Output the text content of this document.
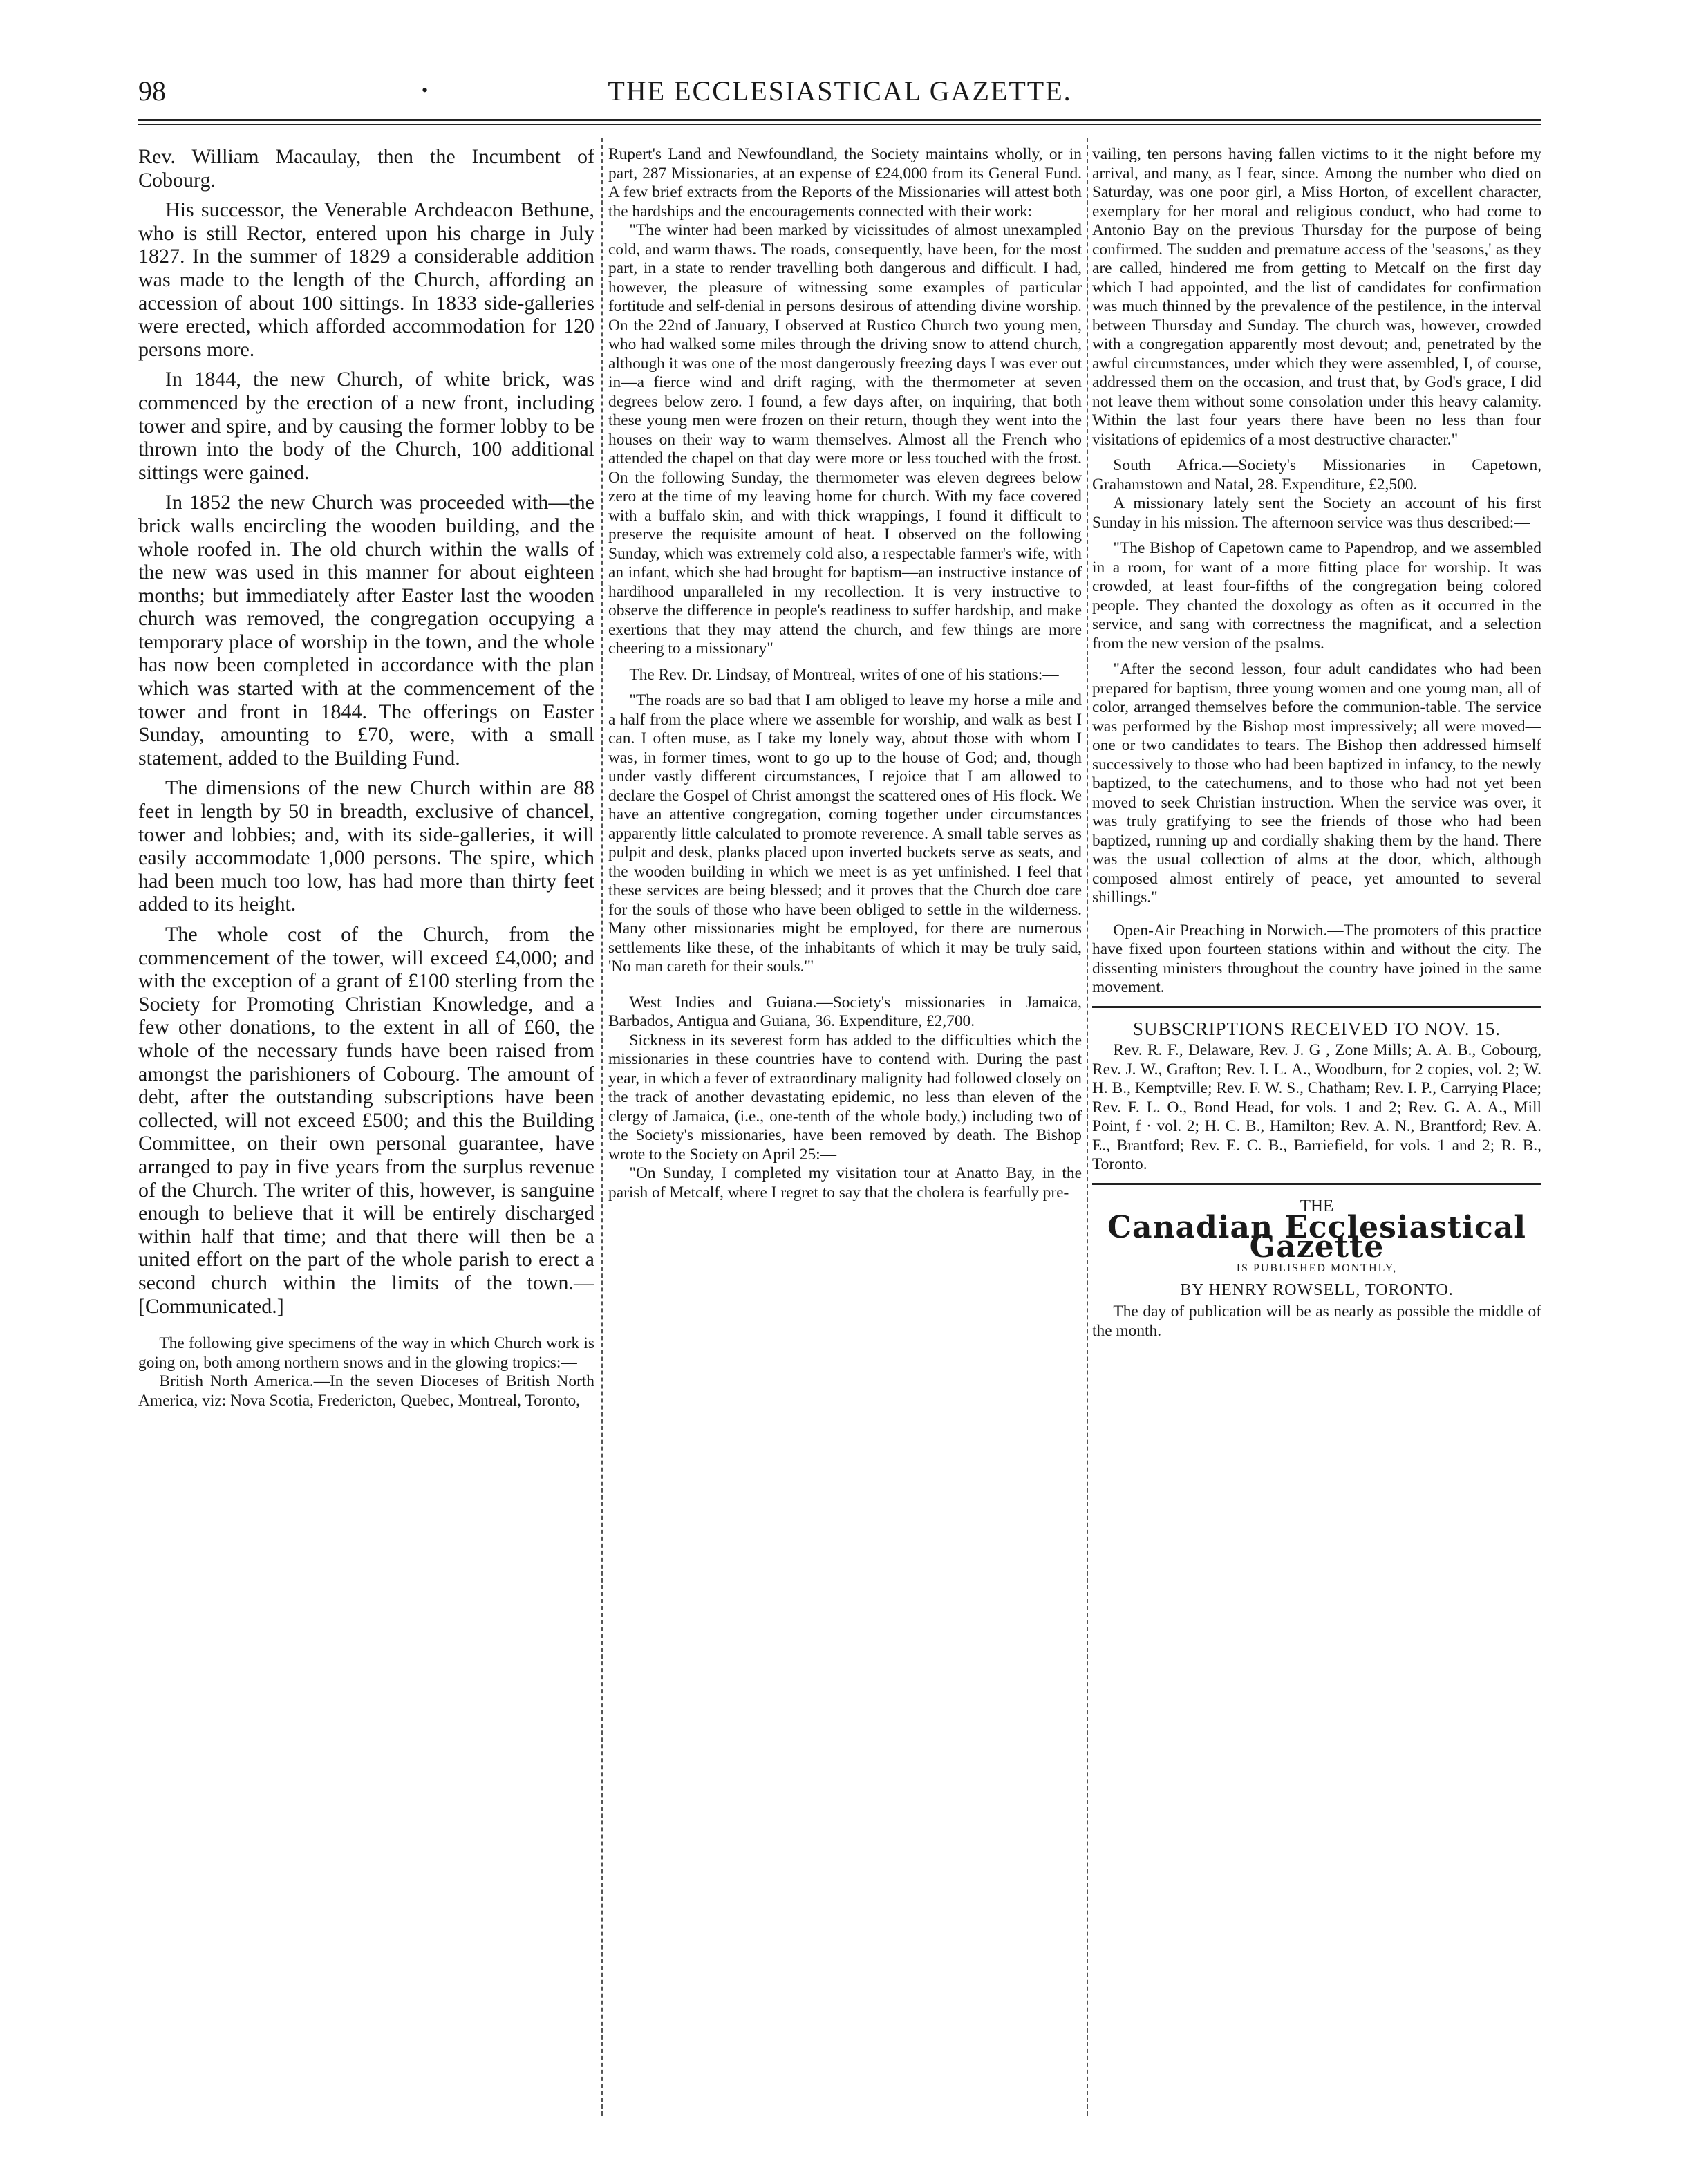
98	•	THE ECCLESIASTICAL GAZETTE.

Rev. William Macaulay, then the Incumbent of Cobourg.

His successor, the Venerable Archdeacon Bethune, who is still Rector, entered upon his charge in July 1827. In the summer of 1829 a considerable addition was made to the length of the Church, affording an accession of about 100 sittings. In 1833 side-galleries were erected, which afforded accommodation for 120 persons more.

In 1844, the new Church, of white brick, was commenced by the erection of a new front, including tower and spire, and by causing the former lobby to be thrown into the body of the Church, 100 additional sittings were gained.

In 1852 the new Church was proceeded with—the brick walls encircling the wooden building, and the whole roofed in. The old church within the walls of the new was used in this manner for about eighteen months; but immediately after Easter last the wooden church was removed, the congregation occupying a temporary place of worship in the town, and the whole has now been completed in accordance with the plan which was started with at the commencement of the tower and front in 1844. The offerings on Easter Sunday, amounting to £70, were, with a small statement, added to the Building Fund.

The dimensions of the new Church within are 88 feet in length by 50 in breadth, exclusive of chancel, tower and lobbies; and, with its side-galleries, it will easily accommodate 1,000 persons. The spire, which had been much too low, has had more than thirty feet added to its height.

The whole cost of the Church, from the commencement of the tower, will exceed £4,000; and with the exception of a grant of £100 sterling from the Society for Promoting Christian Knowledge, and a few other donations, to the extent in all of £60, the whole of the necessary funds have been raised from amongst the parishioners of Cobourg. The amount of debt, after the outstanding subscriptions have been collected, will not exceed £500; and this the Building Committee, on their own personal guarantee, have arranged to pay in five years from the surplus revenue of the Church. The writer of this, however, is sanguine enough to believe that it will be entirely discharged within half that time; and that there will then be a united effort on the part of the whole parish to erect a second church within the limits of the town.—[Communicated.]

The following give specimens of the way in which Church work is going on, both among northern snows and in the glowing tropics:—

British North America.—In the seven Dioceses of British North America, viz: Nova Scotia, Fredericton, Quebec, Montreal, Toronto,

Rupert's Land and Newfoundland, the Society maintains wholly, or in part, 287 Missionaries, at an expense of £24,000 from its General Fund. A few brief extracts from the Reports of the Missionaries will attest both the hardships and the encouragements connected with their work:

"The winter had been marked by vicissitudes of almost unexampled cold, and warm thaws. The roads, consequently, have been, for the most part, in a state to render travelling both dangerous and difficult. I had, however, the pleasure of witnessing some examples of particular fortitude and self-denial in persons desirous of attending divine worship. On the 22nd of January, I observed at Rustico Church two young men, who had walked some miles through the driving snow to attend church, although it was one of the most dangerously freezing days I was ever out in—a fierce wind and drift raging, with the thermometer at seven degrees below zero. I found, a few days after, on inquiring, that both these young men were frozen on their return, though they went into the houses on their way to warm themselves. Almost all the French who attended the chapel on that day were more or less touched with the frost. On the following Sunday, the thermometer was eleven degrees below zero at the time of my leaving home for church. With my face covered with a buffalo skin, and with thick wrappings, I found it difficult to preserve the requisite amount of heat. I observed on the following Sunday, which was extremely cold also, a respectable farmer's wife, with an infant, which she had brought for baptism—an instructive instance of hardihood unparalleled in my recollection. It is very instructive to observe the difference in people's readiness to suffer hardship, and make exertions that they may attend the church, and few things are more cheering to a missionary"

The Rev. Dr. Lindsay, of Montreal, writes of one of his stations:—

"The roads are so bad that I am obliged to leave my horse a mile and a half from the place where we assemble for worship, and walk as best I can. I often muse, as I take my lonely way, about those with whom I was, in former times, wont to go up to the house of God; and, though under vastly different circumstances, I rejoice that I am allowed to declare the Gospel of Christ amongst the scattered ones of His flock. We have an attentive congregation, coming together under circumstances apparently little calculated to promote reverence. A small table serves as pulpit and desk, planks placed upon inverted buckets serve as seats, and the wooden building in which we meet is as yet unfinished. I feel that these services are being blessed; and it proves that the Church doe care for the souls of those who have been obliged to settle in the wilderness. Many other missionaries might be employed, for there are numerous settlements like these, of the inhabitants of which it may be truly said, 'No man careth for their souls.'"

West Indies and Guiana.—Society's missionaries in Jamaica, Barbados, Antigua and Guiana, 36. Expenditure, £2,700.

Sickness in its severest form has added to the difficulties which the missionaries in these countries have to contend with. During the past year, in which a fever of extraordinary malignity had followed closely on the track of another devastating epidemic, no less than eleven of the clergy of Jamaica, (i.e., one-tenth of the whole body,) including two of the Society's missionaries, have been removed by death. The Bishop wrote to the Society on April 25:—

"On Sunday, I completed my visitation tour at Anatto Bay, in the parish of Metcalf, where I regret to say that the cholera is fearfully pre-

vailing, ten persons having fallen victims to it the night before my arrival, and many, as I fear, since. Among the number who died on Saturday, was one poor girl, a Miss Horton, of excellent character, exemplary for her moral and religious conduct, who had come to Antonio Bay on the previous Thursday for the purpose of being confirmed. The sudden and premature access of the 'seasons,' as they are called, hindered me from getting to Metcalf on the first day which I had appointed, and the list of candidates for confirmation was much thinned by the prevalence of the pestilence, in the interval between Thursday and Sunday. The church was, however, crowded with a congregation apparently most devout; and, penetrated by the awful circumstances, under which they were assembled, I, of course, addressed them on the occasion, and trust that, by God's grace, I did not leave them without some consolation under this heavy calamity. Within the last four years there have been no less than four visitations of epidemics of a most destructive character."

South Africa.—Society's Missionaries in Capetown, Grahamstown and Natal, 28. Expenditure, £2,500.

A missionary lately sent the Society an account of his first Sunday in his mission. The afternoon service was thus described:—

"The Bishop of Capetown came to Papendrop, and we assembled in a room, for want of a more fitting place for worship. It was crowded, at least four-fifths of the congregation being colored people. They chanted the doxology as often as it occurred in the service, and sang with correctness the magnificat, and a selection from the new version of the psalms.

"After the second lesson, four adult candidates who had been prepared for baptism, three young women and one young man, all of color, arranged themselves before the communion-table. The service was performed by the Bishop most impressively; all were moved—one or two candidates to tears. The Bishop then addressed himself successively to those who had been baptized in infancy, to the newly baptized, to the catechumens, and to those who had not yet been moved to seek Christian instruction. When the service was over, it was truly gratifying to see the friends of those who had been baptized, running up and cordially shaking them by the hand. There was the usual collection of alms at the door, which, although composed almost entirely of peace, yet amounted to several shillings."

Open-Air Preaching in Norwich.—The promoters of this practice have fixed upon fourteen stations within and without the city. The dissenting ministers throughout the country have joined in the same movement.

SUBSCRIPTIONS RECEIVED TO NOV. 15.

Rev. R. F., Delaware, Rev. J. G , Zone Mills; A. A. B., Cobourg, Rev. J. W., Grafton; Rev. I. L. A., Woodburn, for 2 copies, vol. 2; W. H. B., Kemptville; Rev. F. W. S., Chatham; Rev. I. P., Carrying Place; Rev. F. L. O., Bond Head, for vols. 1 and 2; Rev. G. A. A., Mill Point, f · vol. 2; H. C. B., Hamilton; Rev. A. N., Brantford; Rev. A. E., Brantford; Rev. E. C. B., Barriefield, for vols. 1 and 2; R. B., Toronto.

THE
Canadian Ecclesiastical Gazette
IS PUBLISHED MONTHLY,
BY HENRY ROWSELL, TORONTO.

The day of publication will be as nearly as possible the middle of the month.
